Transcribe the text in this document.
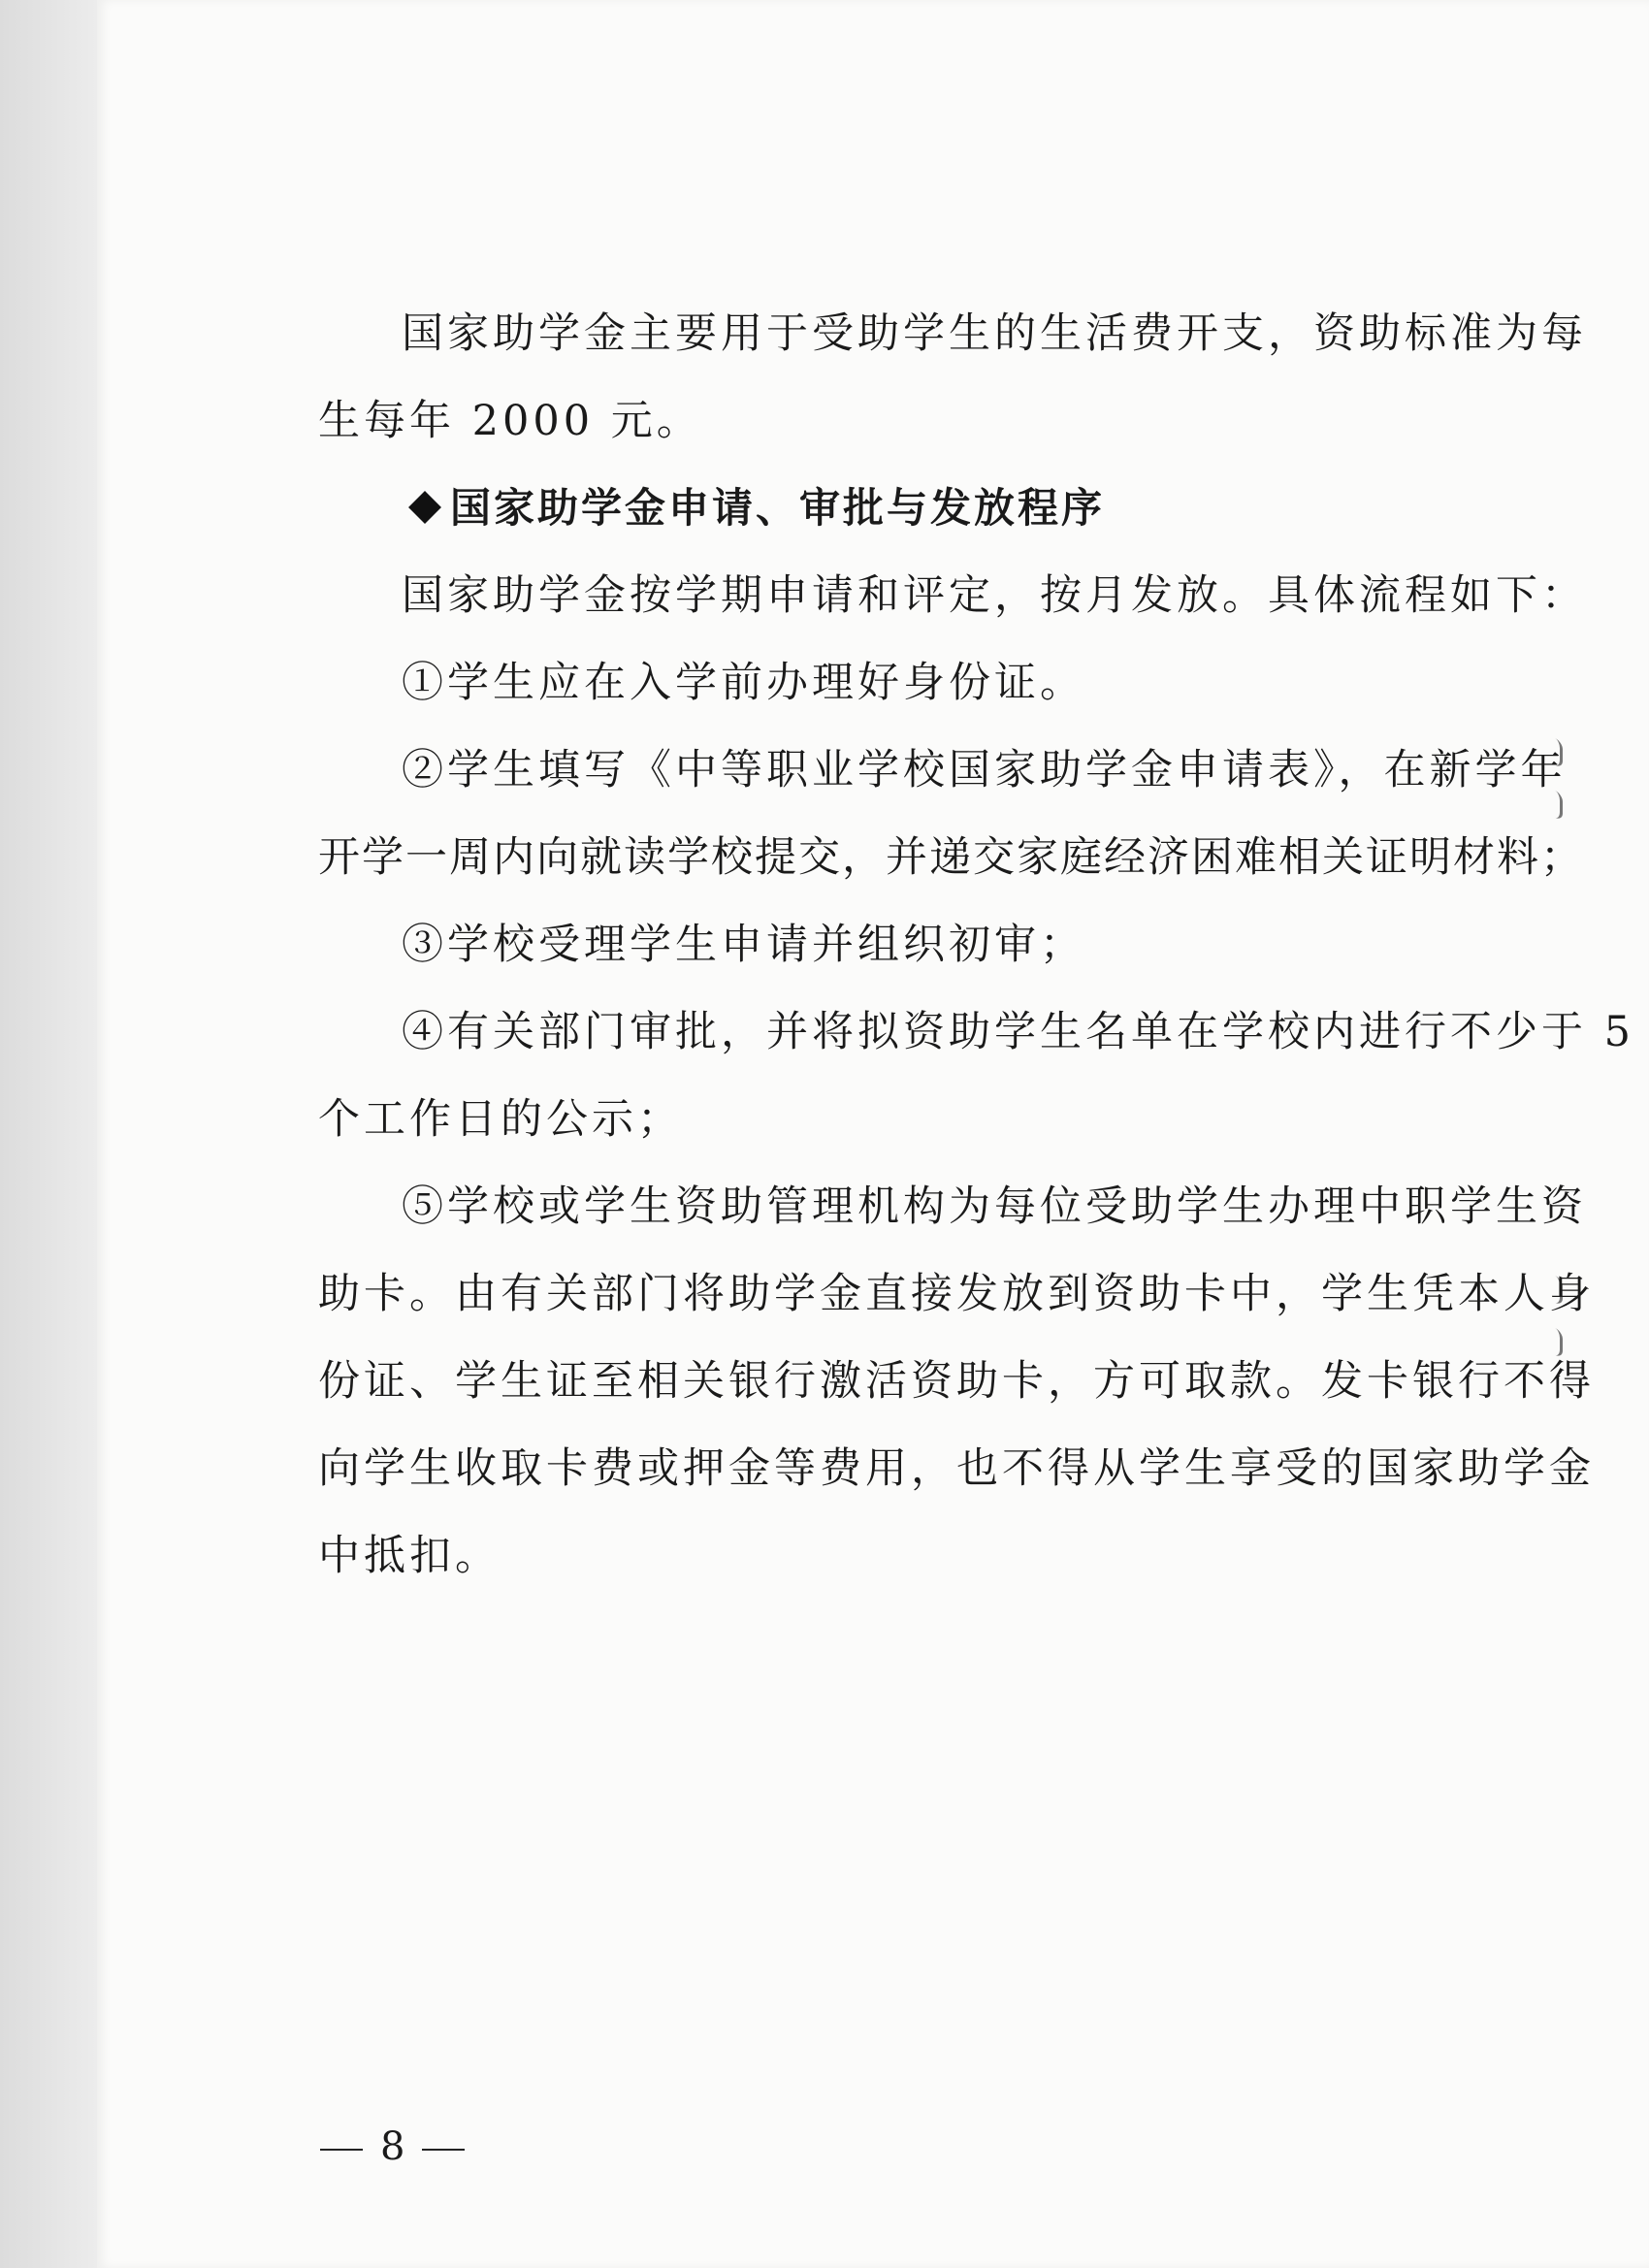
国家助学金主要用于受助学生的生活费开支，资助标准为每
生每年 2000 元。
国家助学金申请、审批与发放程序
国家助学金按学期申请和评定，按月发放。具体流程如下：
①学生应在入学前办理好身份证。
②学生填写《中等职业学校国家助学金申请表》，在新学年
开学一周内向就读学校提交，并递交家庭经济困难相关证明材料；
③学校受理学生申请并组织初审；
④有关部门审批，并将拟资助学生名单在学校内进行不少于 5
个工作日的公示；
⑤学校或学生资助管理机构为每位受助学生办理中职学生资
助卡。由有关部门将助学金直接发放到资助卡中，学生凭本人身
份证、学生证至相关银行激活资助卡，方可取款。发卡银行不得
向学生收取卡费或押金等费用，也不得从学生享受的国家助学金
中抵扣。
8
